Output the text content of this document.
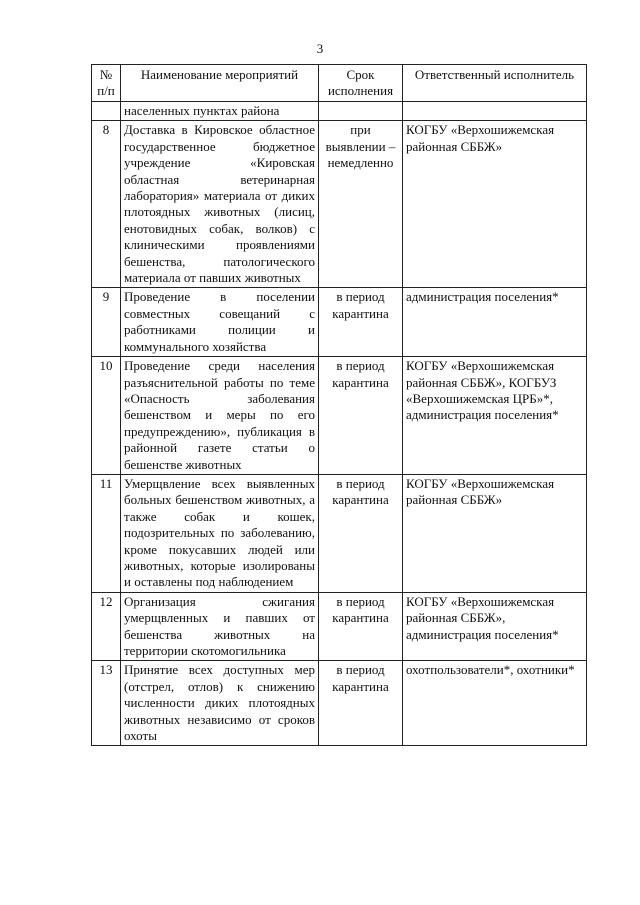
3
№ п/п	Наименование мероприятий	Срок исполнения	Ответственный исполнитель
	населенных пунктах района		
8	Доставка в Кировское областное государственное бюджетное учреждение «Кировская областная ветеринарная лаборатория» материала от диких плотоядных животных (лисиц, енотовидных собак, волков) с клиническими проявлениями бешенства, патологического материала от павших животных	при выявлении – немедленно	КОГБУ «Верхошижемская районная СББЖ»
9	Проведение в поселении совместных совещаний с работниками полиции и коммунального хозяйства	в период карантина	администрация поселения*
10	Проведение среди населения разъяснительной работы по теме «Опасность заболевания бешенством и меры по его предупреждению», публикация в районной газете статьи о бешенстве животных	в период карантина	КОГБУ «Верхошижемская районная СББЖ», КОГБУЗ «Верхошижемская ЦРБ»*, администрация поселения*
11	Умерщвление всех выявленных больных бешенством животных, а также собак и кошек, подозрительных по заболеванию, кроме покусавших людей или животных, которые изолированы и оставлены под наблюдением	в период карантина	КОГБУ «Верхошижемская районная СББЖ»
12	Организация сжигания умерщвленных и павших от бешенства животных на территории скотомогильника	в период карантина	КОГБУ «Верхошижемская районная СББЖ», администрация поселения*
13	Принятие всех доступных мер (отстрел, отлов) к снижению численности диких плотоядных животных независимо от сроков охоты	в период карантина	охотпользователи*, охотники*
